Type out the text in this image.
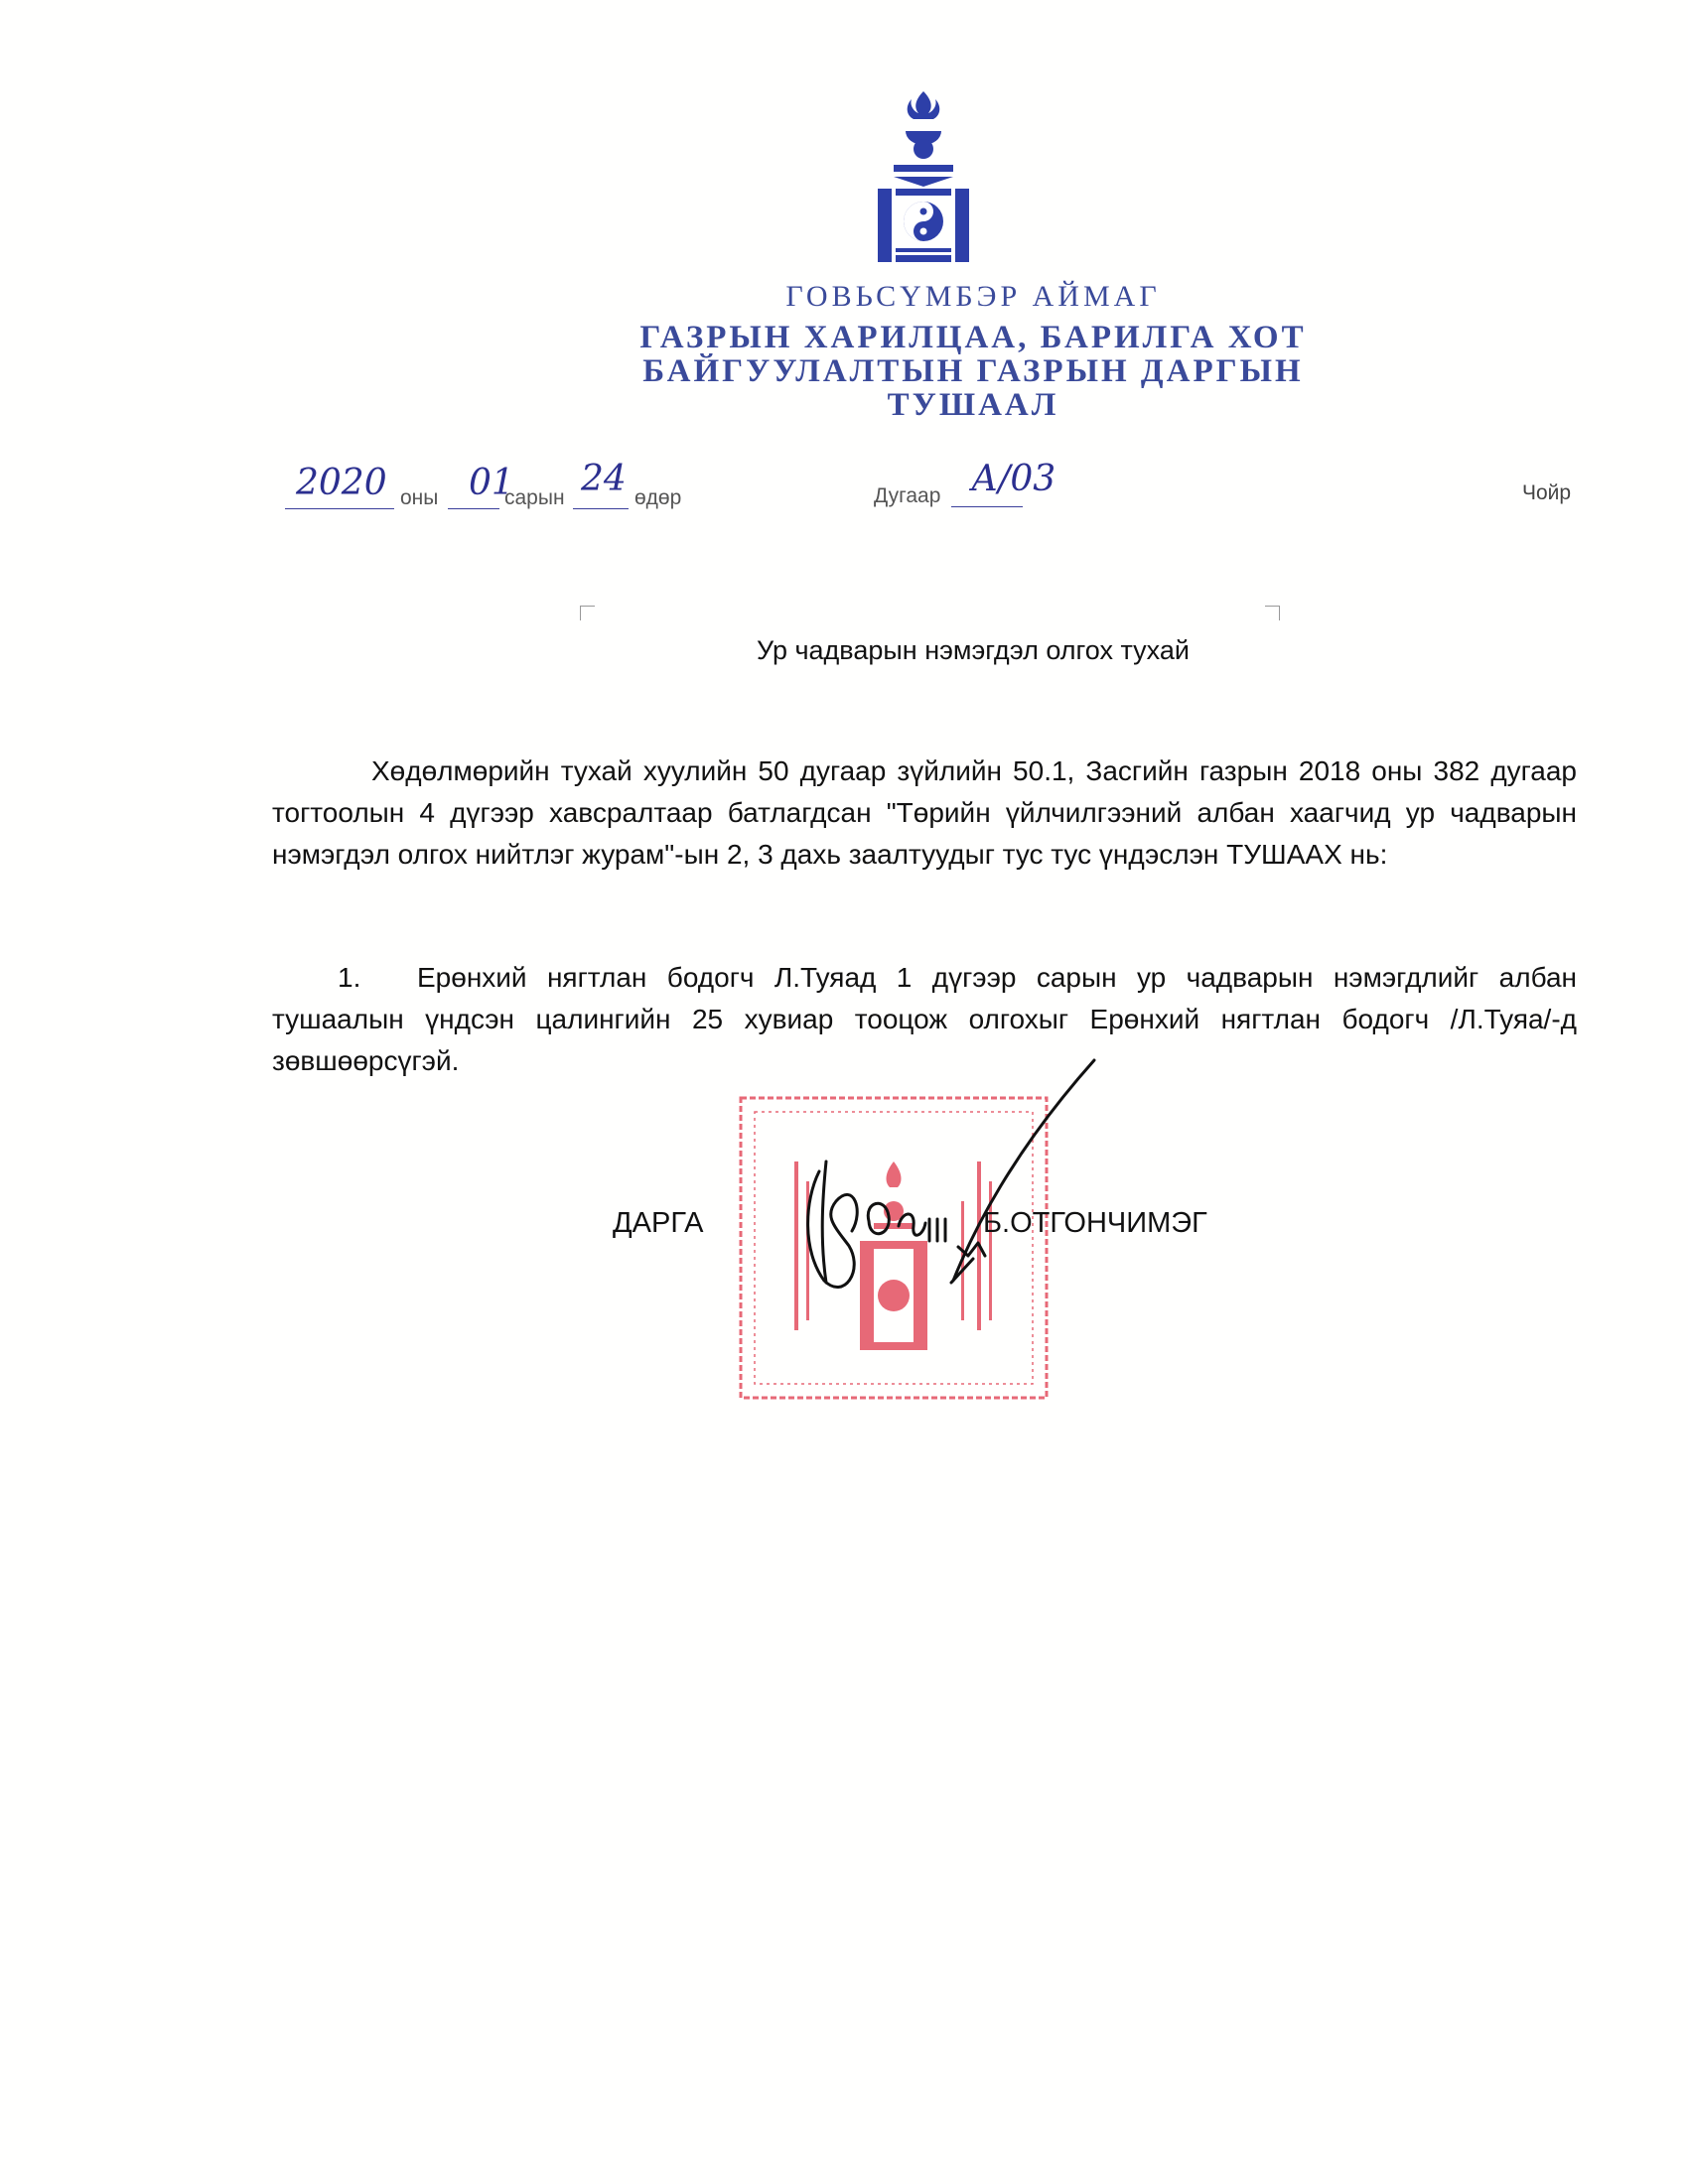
ГОВЬСҮМБЭР АЙМАГ
ГАЗРЫН ХАРИЛЦАА, БАРИЛГА ХОТ
БАЙГУУЛАЛТЫН ГАЗРЫН ДАРГЫН
ТУШААЛ
2020 оны 01
сарын 24 өдөр	Дугаар А/03	Чойр
Ур чадварын нэмэгдэл олгох тухай
Хөдөлмөрийн тухай хуулийн 50 дугаар зүйлийн 50.1, Засгийн газрын 2018 оны 382 дугаар тогтоолын 4 дүгээр хавсралтаар батлагдсан "Төрийн үйлчилгээний албан хаагчид ур чадварын нэмэгдэл олгох нийтлэг журам"-ын 2, 3 дахь заалтуудыг тус тус үндэслэн ТУШААХ нь:
1. Ерөнхий нягтлан бодогч Л.Туяад 1 дүгээр сарын ур чадварын нэмэгдлийг албан тушаалын үндсэн цалингийн 25 хувиар тооцож олгохыг Ерөнхий нягтлан бодогч /Л.Туяа/-д зөвшөөрсүгэй.
ДАРГА	Б.ОТГОНЧИМЭГ
